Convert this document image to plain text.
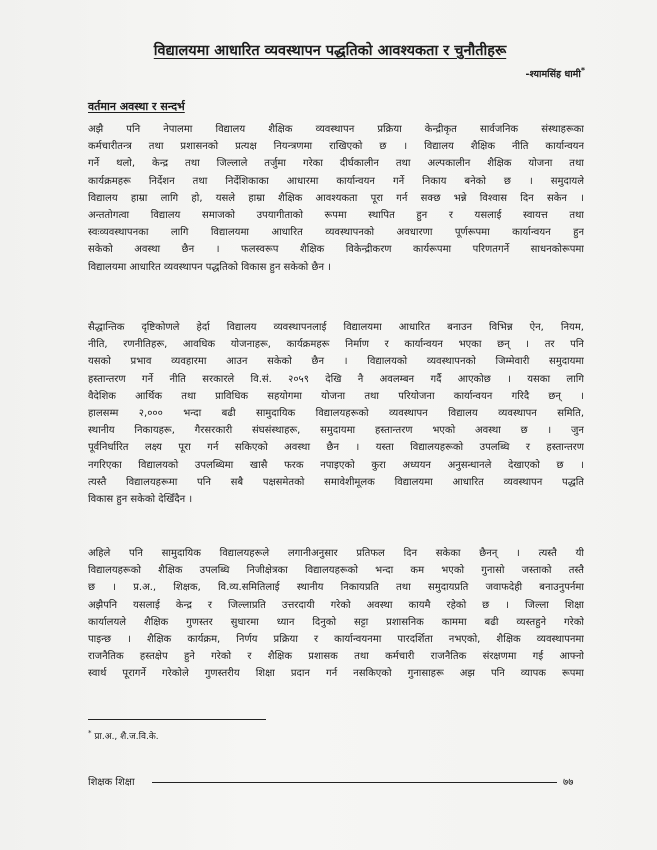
विद्यालयमा आधारित व्यवस्थापन पद्धतिको आवश्यकता र चुनौतीहरू
-श्यामसिंह धामी*
वर्तमान अवस्था र सन्दर्भ
अझै पनि नेपालमा विद्यालय शैक्षिक व्यवस्थापन प्रक्रिया केन्द्रीकृत सार्वजनिक संस्थाहरूका
कर्मचारीतन्त्र तथा प्रशासनको प्रत्यक्ष नियन्त्रणमा राखिएको छ । विद्यालय शैक्षिक नीति कार्यान्वयन
गर्ने थलो, केन्द्र तथा जिल्लाले तर्जुमा गरेका दीर्घकालीन तथा अल्पकालीन शैक्षिक योजना तथा
कार्यक्रमहरू निर्देशन तथा निर्देशिकाका आधारमा कार्यान्वयन गर्ने निकाय बनेको छ । समुदायले
विद्यालय हाम्रा लागि हो, यसले हाम्रा शैक्षिक आवश्यकता पूरा गर्न सक्छ भन्ने विश्वास दिन सकेन ।
अन्ततोगत्वा विद्यालय समाजको उपयागीताको रूपमा स्थापित हुन र यसलाई स्वायत्त तथा
स्वःव्यवस्थापनका लागि विद्यालयमा आधारित व्यवस्थापनको अवधारणा पूर्णरूपमा कार्यान्वयन हुन
सकेको अवस्था छैन । फलस्वरूप शैक्षिक विकेन्द्रीकरण कार्यरूपमा परिणतगर्ने साधनकोरूपमा
विद्यालयमा आधारित व्यवस्थापन पद्धतिको विकास हुन सकेको छैन ।
सैद्धान्तिक दृष्टिकोणले हेर्दा विद्यालय व्यवस्थापनलाई विद्यालयमा आधारित बनाउन विभिन्न ऐन, नियम,
नीति, रणनीतिहरू, आवधिक योजनाहरू, कार्यक्रमहरू निर्माण र कार्यान्वयन भएका छन् । तर पनि
यसको प्रभाव व्यवहारमा आउन सकेको छैन । विद्यालयको व्यवस्थापनको जिम्मेवारी समुदायमा
हस्तान्तरण गर्ने नीति सरकारले वि.सं. २०५९ देखि नै अवलम्बन गर्दै आएकोछ । यसका लागि
वैदेशिक आर्थिक तथा प्राविधिक सहयोगमा योजना तथा परियोजना कार्यान्वयन गरिदै छन् ।
हालसम्म २,००० भन्दा बढी सामुदायिक विद्यालयहरूको व्यवस्थापन विद्यालय व्यवस्थापन समिति,
स्थानीय निकायहरू, गैरसरकारी संघसंस्थाहरू, समुदायमा हस्तान्तरण भएको अवस्था छ । जुन
पूर्वनिर्धारित लक्ष्य पूरा गर्न सकिएको अवस्था छैन । यस्ता विद्यालयहरूको उपलब्धि र हस्तान्तरण
नगरिएका विद्यालयको उपलब्धिमा खासै फरक नपाइएको कुरा अध्ययन अनुसन्धानले देखाएको छ ।
त्यस्तै विद्यालयहरूमा पनि सबै पक्षसमेतको समावेशीमूलक विद्यालयमा आधारित व्यवस्थापन पद्धति
विकास हुन सकेको देखिँदैन ।
अहिले पनि सामुदायिक विद्यालयहरूले लगानीअनुसार प्रतिफल दिन सकेका छैनन् । त्यस्तै यी
विद्यालयहरूको शैक्षिक उपलब्धि निजीक्षेत्रका विद्यालयहरूको भन्दा कम भएको गुनासो जस्ताको तस्तै
छ । प्र.अ., शिक्षक, वि.व्य.समितिलाई स्थानीय निकायप्रति तथा समुदायप्रति जवाफदेही बनाउनुपर्नमा
अझैपनि यसलाई केन्द्र र जिल्लाप्रति उत्तरदायी गरेको अवस्था कायमै रहेको छ । जिल्ला शिक्षा
कार्यालयले शैक्षिक गुणस्तर सुधारमा ध्यान दिनुको सट्टा प्रशासनिक काममा बढी व्यस्तहुने गरेको
पाइन्छ । शैक्षिक कार्यक्रम, निर्णय प्रक्रिया र कार्यान्वयनमा पारदर्शिता नभएको, शैक्षिक व्यवस्थापनमा
राजनैतिक हस्तक्षेप हुने गरेको र शैक्षिक प्रशासक तथा कर्मचारी राजनैतिक संरक्षणमा गई आफ्नो
स्वार्थ पूरागर्ने गरेकोले गुणस्तरीय शिक्षा प्रदान गर्न नसकिएको गुनासाहरू अझ पनि व्यापक रूपमा
* प्रा.अ., शै.ज.वि.के.
शिक्षक शिक्षा	७७
